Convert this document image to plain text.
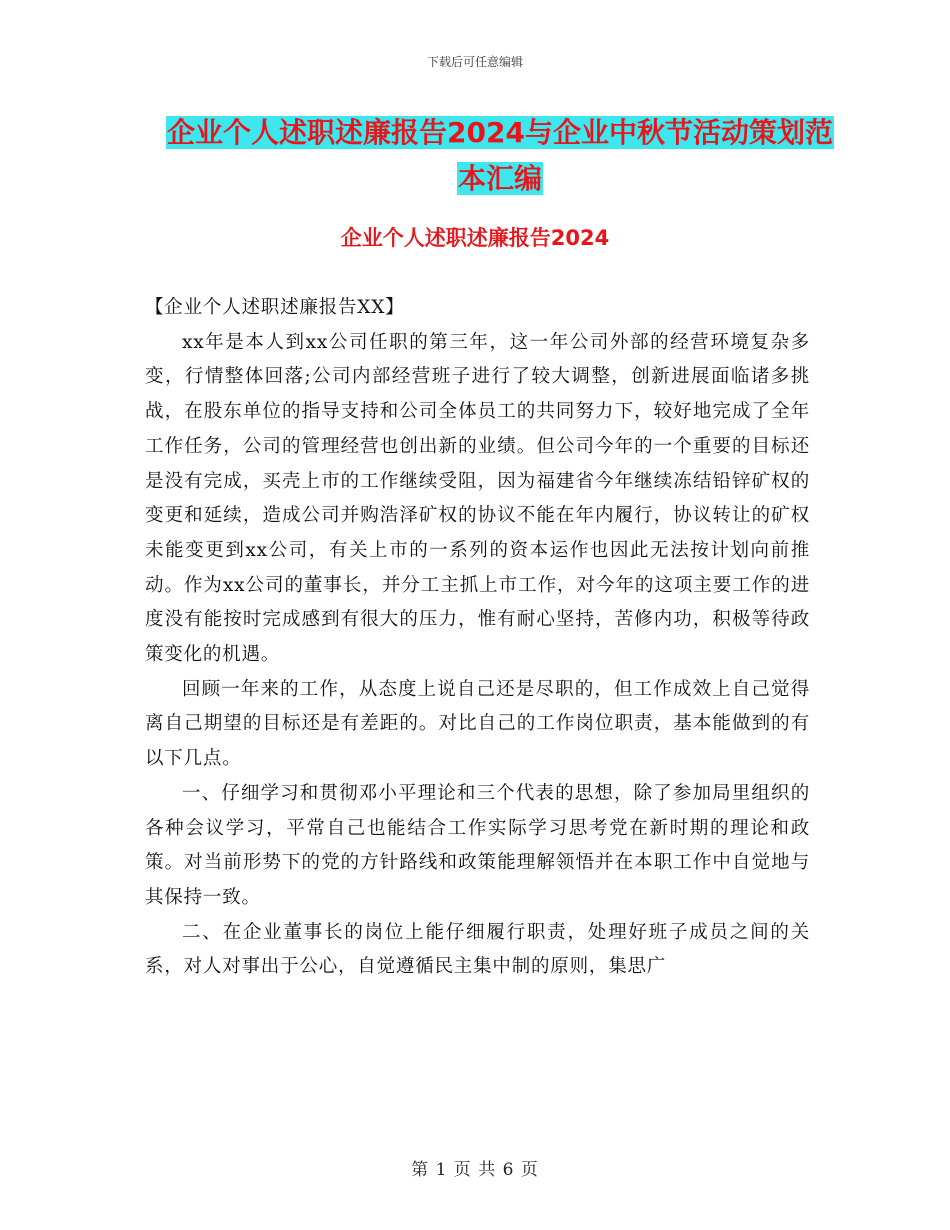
下载后可任意编辑
企业个人述职述廉报告2024与企业中秋节活动策划范
本汇编
企业个人述职述廉报告2024

【企业个人述职述廉报告XX】

xx年是本人到xx公司任职的第三年，这一年公司外部的经营环境复杂多变，行情整体回落;公司内部经营班子进行了较大调整，创新进展面临诸多挑战，在股东单位的指导支持和公司全体员工的共同努力下，较好地完成了全年工作任务，公司的管理经营也创出新的业绩。但公司今年的一个重要的目标还是没有完成，买壳上市的工作继续受阻，因为福建省今年继续冻结铅锌矿权的变更和延续，造成公司并购浩泽矿权的协议不能在年内履行，协议转让的矿权未能变更到xx公司，有关上市的一系列的资本运作也因此无法按计划向前推动。作为xx公司的董事长，并分工主抓上市工作，对今年的这项主要工作的进度没有能按时完成感到有很大的压力，惟有耐心坚持，苦修内功，积极等待政策变化的机遇。

回顾一年来的工作，从态度上说自己还是尽职的，但工作成效上自己觉得离自己期望的目标还是有差距的。对比自己的工作岗位职责，基本能做到的有以下几点。

一、仔细学习和贯彻邓小平理论和三个代表的思想，除了参加局里组织的各种会议学习，平常自己也能结合工作实际学习思考党在新时期的理论和政策。对当前形势下的党的方针路线和政策能理解领悟并在本职工作中自觉地与其保持一致。

二、在企业董事长的岗位上能仔细履行职责，处理好班子成员之间的关系，对人对事出于公心，自觉遵循民主集中制的原则，集思广

第 1 页 共 6 页
